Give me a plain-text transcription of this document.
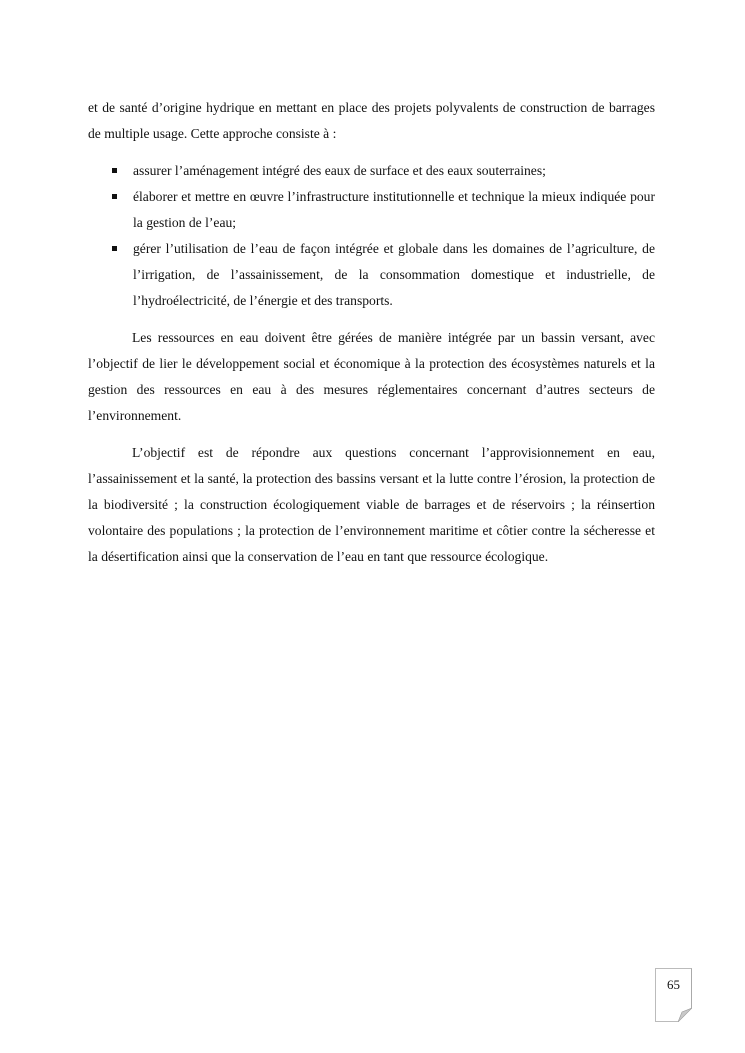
et de santé d’origine hydrique en mettant en place des projets polyvalents de construction de barrages de multiple usage. Cette approche consiste à :

assurer l’aménagement intégré des eaux de surface et des eaux souterraines;
élaborer et mettre en œuvre l’infrastructure institutionnelle et technique la mieux indiquée pour la gestion de l’eau;
gérer l’utilisation de l’eau de façon intégrée et globale dans les domaines de l’agriculture, de l’irrigation, de l’assainissement, de la consommation domestique et industrielle, de l’hydroélectricité, de l’énergie et des transports.

Les ressources en eau doivent être gérées de manière intégrée par un bassin versant, avec l’objectif de lier le développement social et économique à la protection des écosystèmes naturels et la gestion des ressources en eau à des mesures réglementaires concernant d’autres secteurs de l’environnement.

L’objectif est de répondre aux questions concernant l’approvisionnement en eau, l’assainissement et la santé, la protection des bassins versant et la lutte contre l’érosion, la protection de la biodiversité ; la construction écologiquement viable de barrages et de réservoirs ; la réinsertion volontaire des populations ; la protection de l’environnement maritime et côtier contre la sécheresse et la désertification ainsi que la conservation de l’eau en tant que ressource écologique.

65
